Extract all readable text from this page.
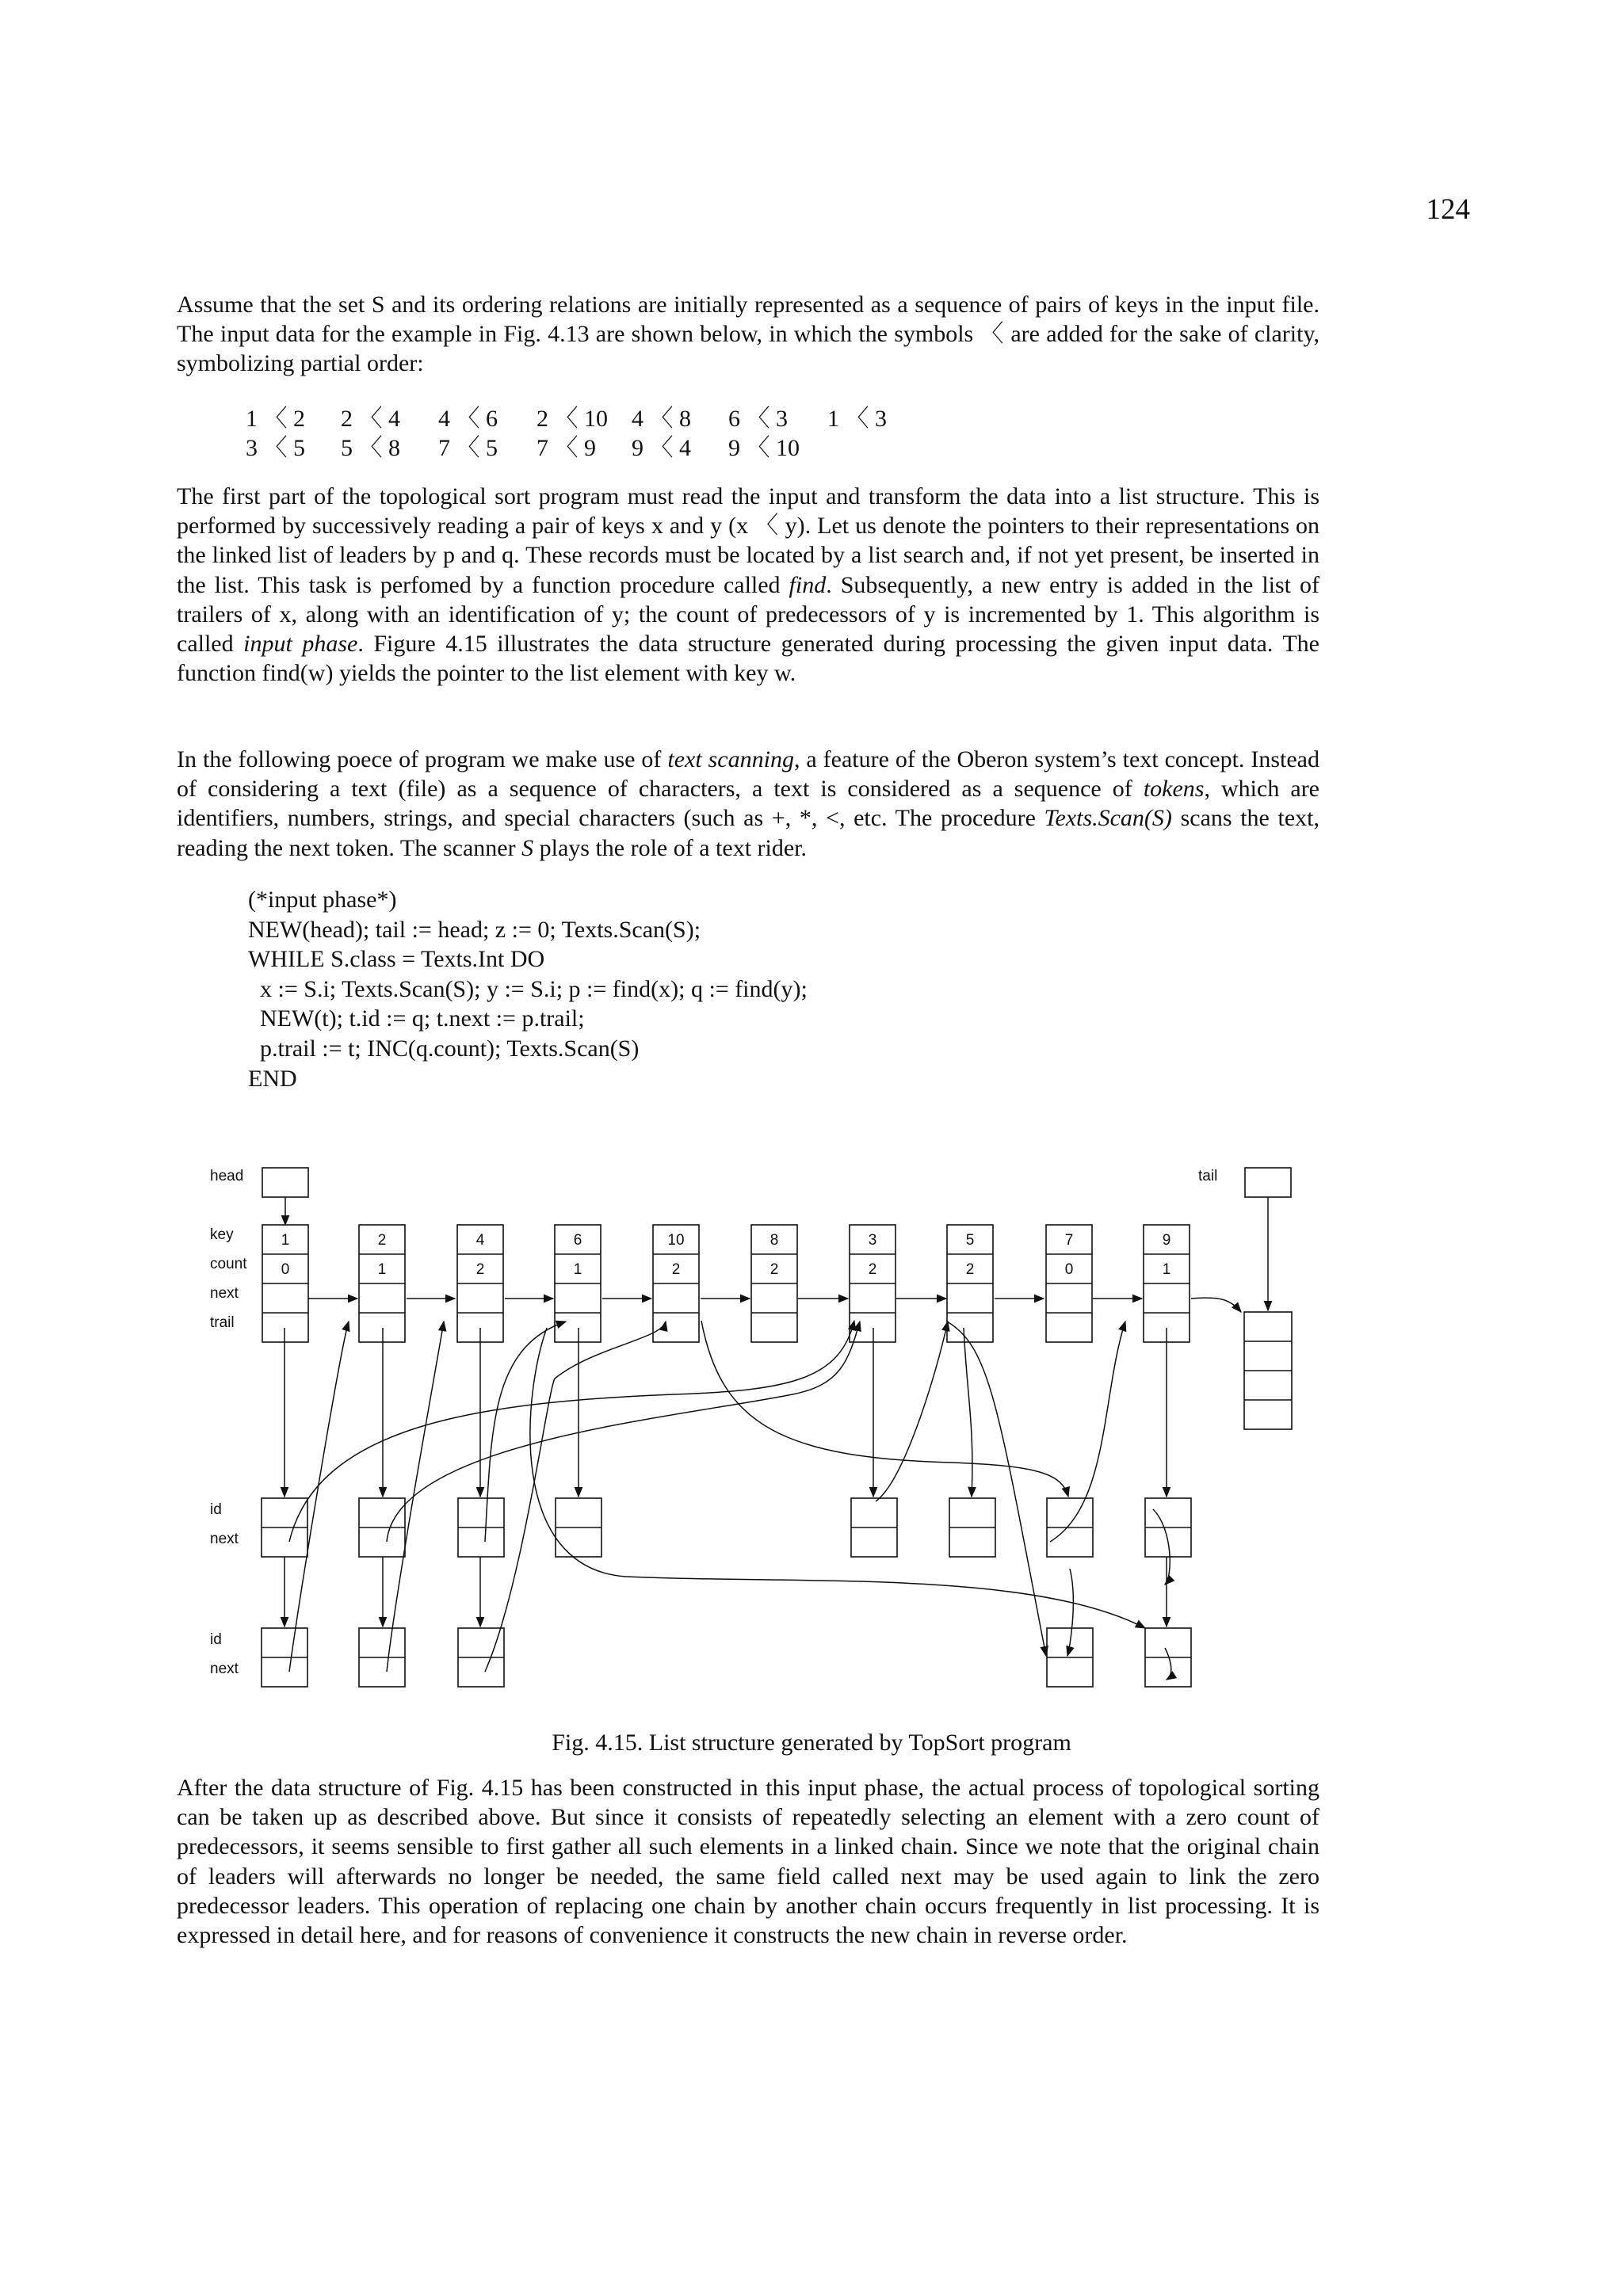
124

Assume that the set S and its ordering relations are initially represented as a sequence of pairs of keys in the input file. The input data for the example in Fig. 4.13 are shown below, in which the symbols 〈 are added for the sake of clarity, symbolizing partial order:

1 〈 2 2 〈 4 4 〈 6 2 〈 10 4 〈 8 6 〈 3 1 〈 3
3 〈 5 5 〈 8 7 〈 5 7 〈 9 9 〈 4 9 〈 10

The first part of the topological sort program must read the input and transform the data into a list structure. This is performed by successively reading a pair of keys x and y (x 〈 y). Let us denote the pointers to their representations on the linked list of leaders by p and q. These records must be located by a list search and, if not yet present, be inserted in the list. This task is perfomed by a function procedure called find. Subsequently, a new entry is added in the list of trailers of x, along with an identification of y; the count of predecessors of y is incremented by 1. This algorithm is called input phase. Figure 4.15 illustrates the data structure generated during processing the given input data. The function find(w) yields the pointer to the list element with key w.

In the following poece of program we make use of text scanning, a feature of the Oberon system’s text concept. Instead of considering a text (file) as a sequence of characters, a text is considered as a sequence of tokens, which are identifiers, numbers, strings, and special characters (such as +, *, <, etc. The procedure Texts.Scan(S) scans the text, reading the next token. The scanner S plays the role of a text rider.

(*input phase*)
NEW(head); tail := head; z := 0; Texts.Scan(S);
WHILE S.class = Texts.Int DO
x := S.i; Texts.Scan(S); y := S.i; p := find(x); q := find(y);
NEW(t); t.id := q; t.next := p.trail;
p.trail := t; INC(q.count); Texts.Scan(S)
END
head	tail
key
count
next
trail
id
next
id
next
1
0
2
1
4
2
6
1
10
2
8
2
3
2
5
2
7
0
9
1
Fig. 4.15. List structure generated by TopSort program

After the data structure of Fig. 4.15 has been constructed in this input phase, the actual process of topological sorting can be taken up as described above. But since it consists of repeatedly selecting an element with a zero count of predecessors, it seems sensible to first gather all such elements in a linked chain. Since we note that the original chain of leaders will afterwards no longer be needed, the same field called next may be used again to link the zero predecessor leaders. This operation of replacing one chain by another chain occurs frequently in list processing. It is expressed in detail here, and for reasons of convenience it constructs the new chain in reverse order.
